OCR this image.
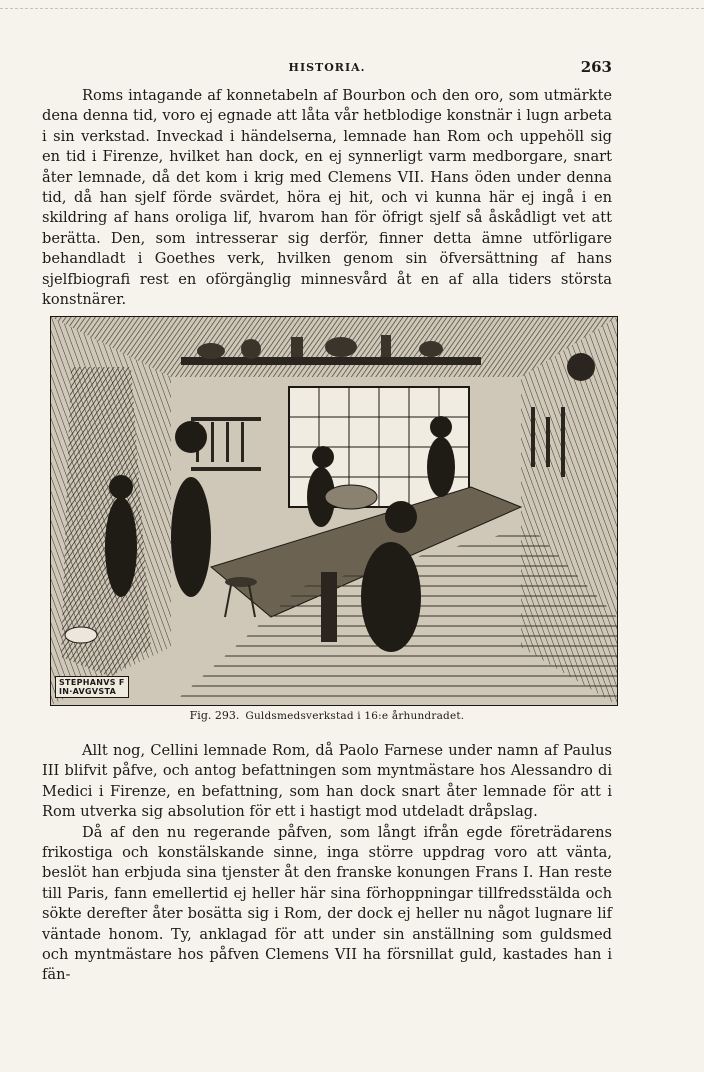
HISTORIA.	263

Roms intagande af konnetabeln af Bourbon och den oro, som utmärkte dena denna tid, voro ej egnade att låta vår hetblodige konstnär i lugn arbeta i sin verkstad. Inveckad i händelserna, lemnade han Rom och uppehöll sig en tid i Firenze, hvilket han dock, en ej synnerligt varm medborgare, snart åter lemnade, då det kom i krig med Clemens VII. Hans öden under denna tid, då han sjelf förde svärdet, höra ej hit, och vi kunna här ej ingå i en skildring af hans oroliga lif, hvarom han för öfrigt sjelf så åskådligt vet att berätta. Den, som intresserar sig derför, finner detta ämne utförligare behandladt i Goethes verk, hvilken genom sin öfversättning af hans sjelfbiografi rest en oförgänglig minnesvård åt en af alla tiders största konstnärer.

STEPHANVS F
IN·AVGVSTA
Fig. 293. Guldsmedsverkstad i 16:e århundradet.

Allt nog, Cellini lemnade Rom, då Paolo Farnese under namn af Paulus III blifvit påfve, och antog befattningen som myntmästare hos Alessandro di Medici i Firenze, en befattning, som han dock snart åter lemnade för att i Rom utverka sig absolution för ett i hastigt mod utdeladt dråpslag.

Då af den nu regerande påfven, som långt ifrån egde företrädarens frikostiga och konstälskande sinne, inga större uppdrag voro att vänta, beslöt han erbjuda sina tjenster åt den franske konungen Frans I. Han reste till Paris, fann emellertid ej heller här sina förhoppningar tillfredsstälda och sökte derefter åter bosätta sig i Rom, der dock ej heller nu något lugnare lif väntade honom. Ty, anklagad för att under sin anställning som guldsmed och myntmästare hos påfven Clemens VII ha försnillat guld, kastades han i fän-
